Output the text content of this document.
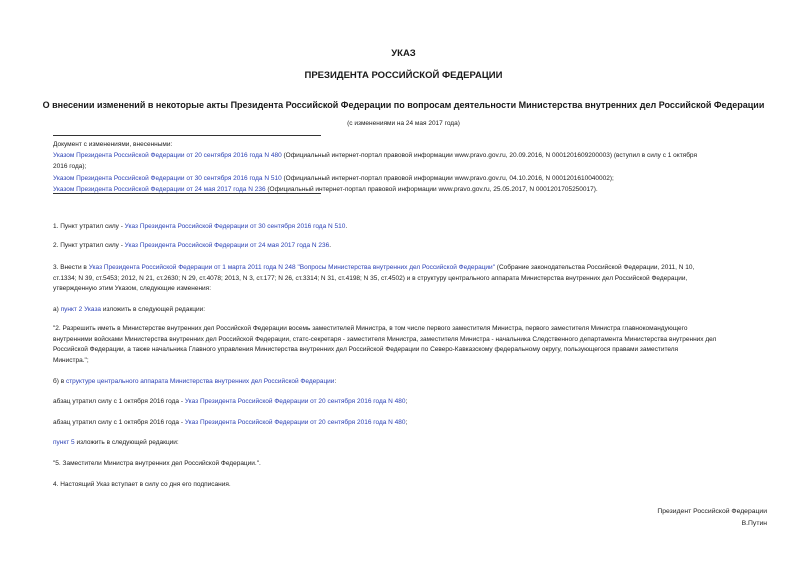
УКАЗ
ПРЕЗИДЕНТА РОССИЙСКОЙ ФЕДЕРАЦИИ
О внесении изменений в некоторые акты Президента Российской Федерации по вопросам деятельности Министерства внутренних дел Российской Федерации
(с изменениями на 24 мая 2017 года)
Документ с изменениями, внесенными:
Указом Президента Российской Федерации от 20 сентября 2016 года N 480 (Официальный интернет-портал правовой информации www.pravo.gov.ru, 20.09.2016, N 0001201609200003) (вступил в силу с 1 октября
2016 года);
Указом Президента Российской Федерации от 30 сентября 2016 года N 510 (Официальный интернет-портал правовой информации www.pravo.gov.ru, 04.10.2016, N 0001201610040002);
Указом Президента Российской Федерации от 24 мая 2017 года N 236 (Официальный интернет-портал правовой информации www.pravo.gov.ru, 25.05.2017, N 0001201705250017).
1. Пункт утратил силу - Указ Президента Российской Федерации от 30 сентября 2016 года N 510.
2. Пункт утратил силу - Указ Президента Российской Федерации от 24 мая 2017 года N 236.
3. Внести в Указ Президента Российской Федерации от 1 марта 2011 года N 248 "Вопросы Министерства внутренних дел Российской Федерации" (Собрание законодательства Российской Федерации, 2011, N 10,
ст.1334; N 39, ст.5453; 2012, N 21, ст.2630; N 29, ст.4078; 2013, N 3, ст.177; N 26, ст.3314; N 31, ст.4198; N 35, ст.4502) и в структуру центрального аппарата Министерства внутренних дел Российской Федерации,
утвержденную этим Указом, следующие изменения:
а) пункт 2 Указа изложить в следующей редакции:
"2. Разрешить иметь в Министерстве внутренних дел Российской Федерации восемь заместителей Министра, в том числе первого заместителя Министра, первого заместителя Министра главнокомандующего
внутренними войсками Министерства внутренних дел Российской Федерации, статс-секретаря - заместителя Министра, заместителя Министра - начальника Следственного департамента Министерства внутренних дел
Российской Федерации, а также начальника Главного управления Министерства внутренних дел Российской Федерации по Северо-Кавказскому федеральному округу, пользующегося правами заместителя
Министра.";
б) в структуре центрального аппарата Министерства внутренних дел Российской Федерации:
абзац утратил силу с 1 октября 2016 года - Указ Президента Российской Федерации от 20 сентября 2016 года N 480;
абзац утратил силу с 1 октября 2016 года - Указ Президента Российской Федерации от 20 сентября 2016 года N 480;
пункт 5 изложить в следующей редакции:
"5. Заместители Министра внутренних дел Российской Федерации.".
4. Настоящий Указ вступает в силу со дня его подписания.
Президент Российской Федерации
В.Путин
